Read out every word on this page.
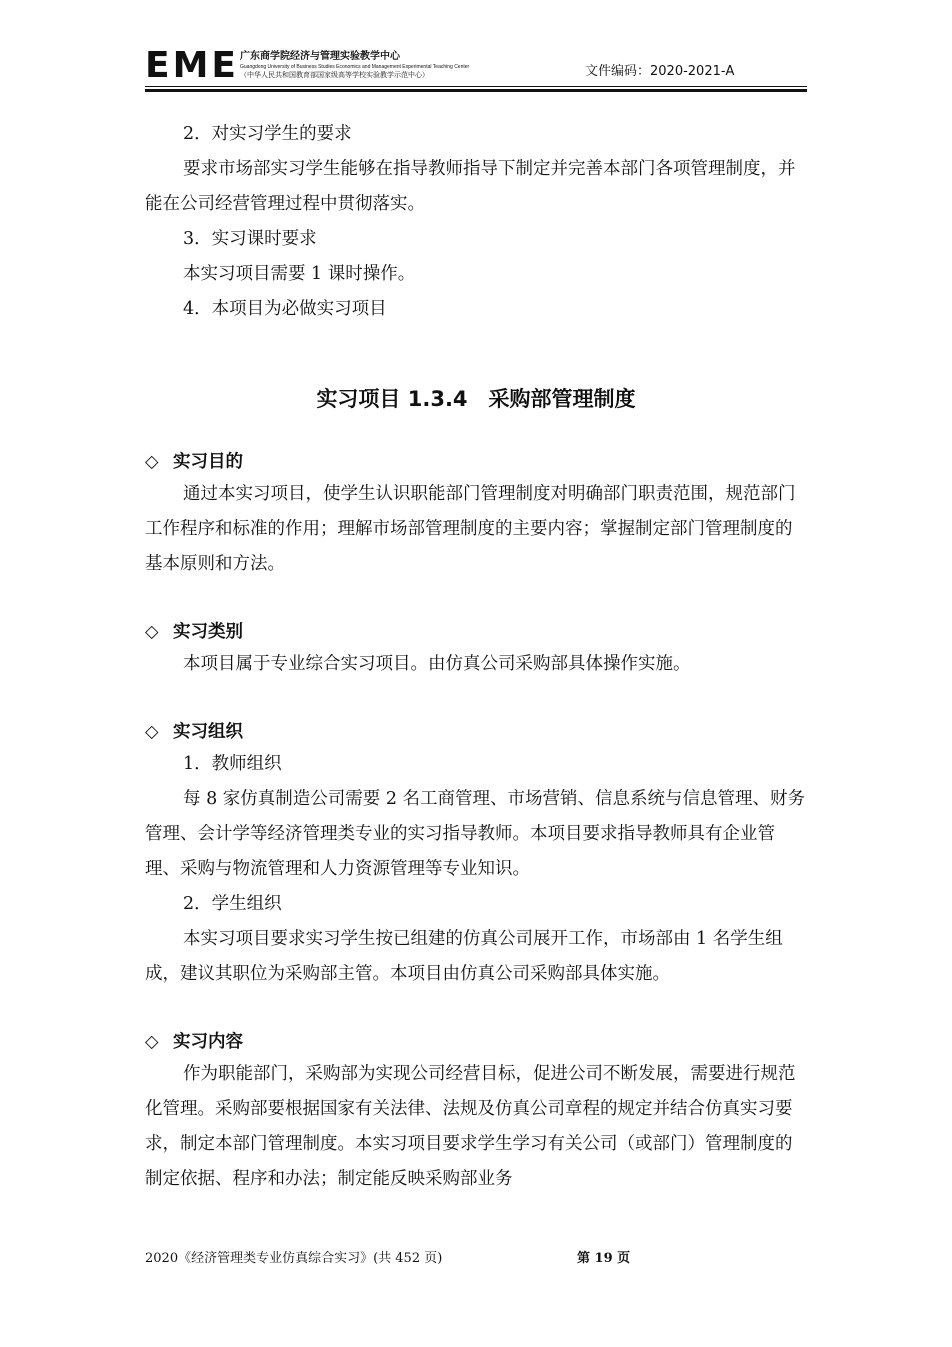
EME 广东商学院经济与管理实验教学中心
Guangdong University of Business Studies Economics and Management Experimental Teaching Center
（中华人民共和国教育部国家级高等学校实验教学示范中心）	文件编码：2020-2021-A

2．对实习学生的要求

要求市场部实习学生能够在指导教师指导下制定并完善本部门各项管理制度，并能在公司经营管理过程中贯彻落实。

3．实习课时要求

本实习项目需要 1 课时操作。

4．本项目为必做实习项目

实习项目 1.3.4　采购部管理制度
◇ 实习目的

通过本实习项目，使学生认识职能部门管理制度对明确部门职责范围，规范部门工作程序和标准的作用；理解市场部管理制度的主要内容；掌握制定部门管理制度的基本原则和方法。

◇ 实习类别

本项目属于专业综合实习项目。由仿真公司采购部具体操作实施。

◇ 实习组织

1．教师组织

每 8 家仿真制造公司需要 2 名工商管理、市场营销、信息系统与信息管理、财务管理、会计学等经济管理类专业的实习指导教师。本项目要求指导教师具有企业管理、采购与物流管理和人力资源管理等专业知识。

2．学生组织

本实习项目要求实习学生按已组建的仿真公司展开工作，市场部由 1 名学生组成，建议其职位为采购部主管。本项目由仿真公司采购部具体实施。

◇ 实习内容

作为职能部门，采购部为实现公司经营目标，促进公司不断发展，需要进行规范化管理。采购部要根据国家有关法律、法规及仿真公司章程的规定并结合仿真实习要求，制定本部门管理制度。本实习项目要求学生学习有关公司（或部门）管理制度的制定依据、程序和办法；制定能反映采购部业务

2020《经济管理类专业仿真综合实习》(共 452 页)	第 19 页
